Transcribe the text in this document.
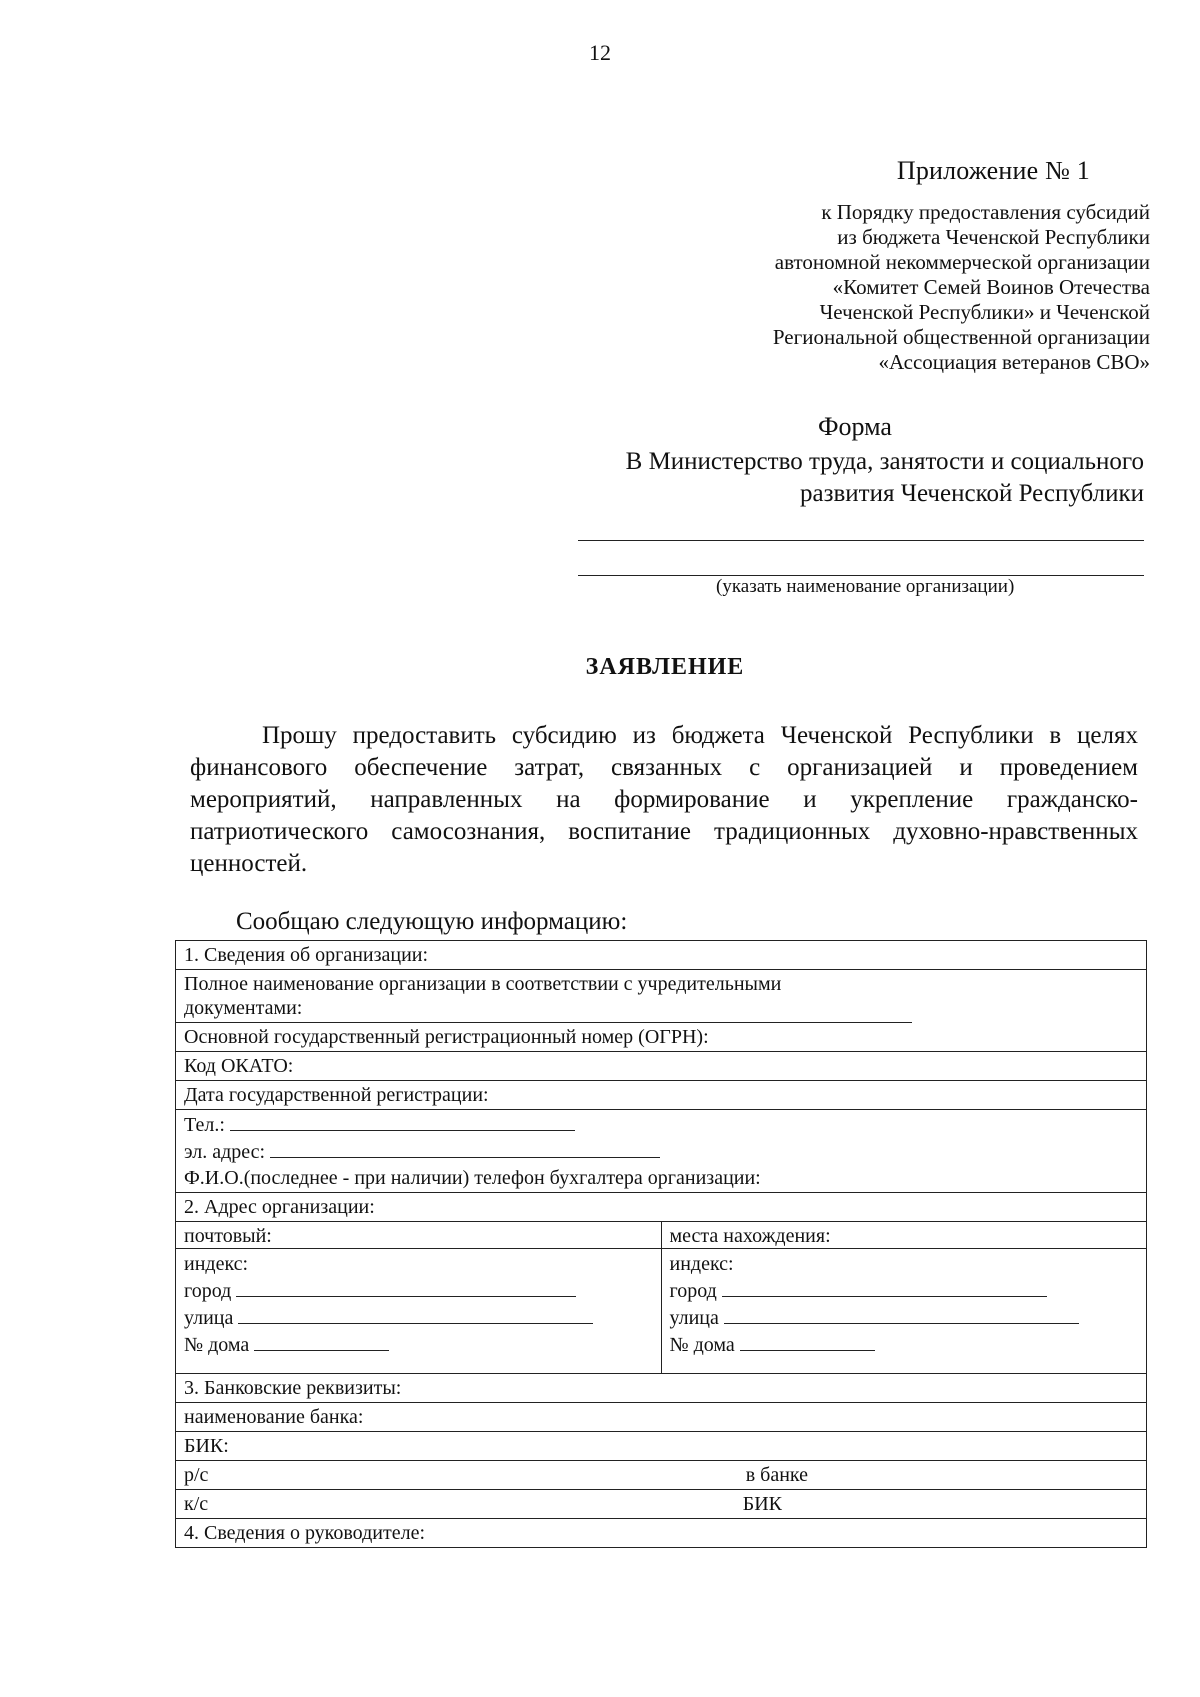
12
Приложение № 1
к Порядку предоставления субсидий
из бюджета Чеченской Республики
автономной некоммерческой организации
«Комитет Семей Воинов Отечества
Чеченской Республики» и Чеченской
Региональной общественной организации
«Ассоциация ветеранов СВО»
Форма
В Министерство труда, занятости и социального
развития Чеченской Республики
(указать наименование организации)
ЗАЯВЛЕНИЕ
Прошу предоставить субсидию из бюджета Чеченской Республики в целях финансового обеспечение затрат, связанных с организацией и проведением мероприятий, направленных на формирование и укрепление гражданско-патриотического самосознания, воспитание традиционных духовно-нравственных ценностей.
Сообщаю следующую информацию:
1. Сведения об организации:
Полное наименование организации в соответствии с учредительными документами:
Основной государственный регистрационный номер (ОГРН):
Код ОКАТО:
Дата государственной регистрации:
Тел.:
эл. адрес:
Ф.И.О.(последнее - при наличии) телефон бухгалтера организации:
2. Адрес организации:
почтовый:
индекс:
город
улица
№ дома
места нахождения:
индекс:
город
улица
№ дома
3. Банковские реквизиты:
наименование банка:
БИК:
р/с	в банке
к/с	БИК
4. Сведения о руководителе:
